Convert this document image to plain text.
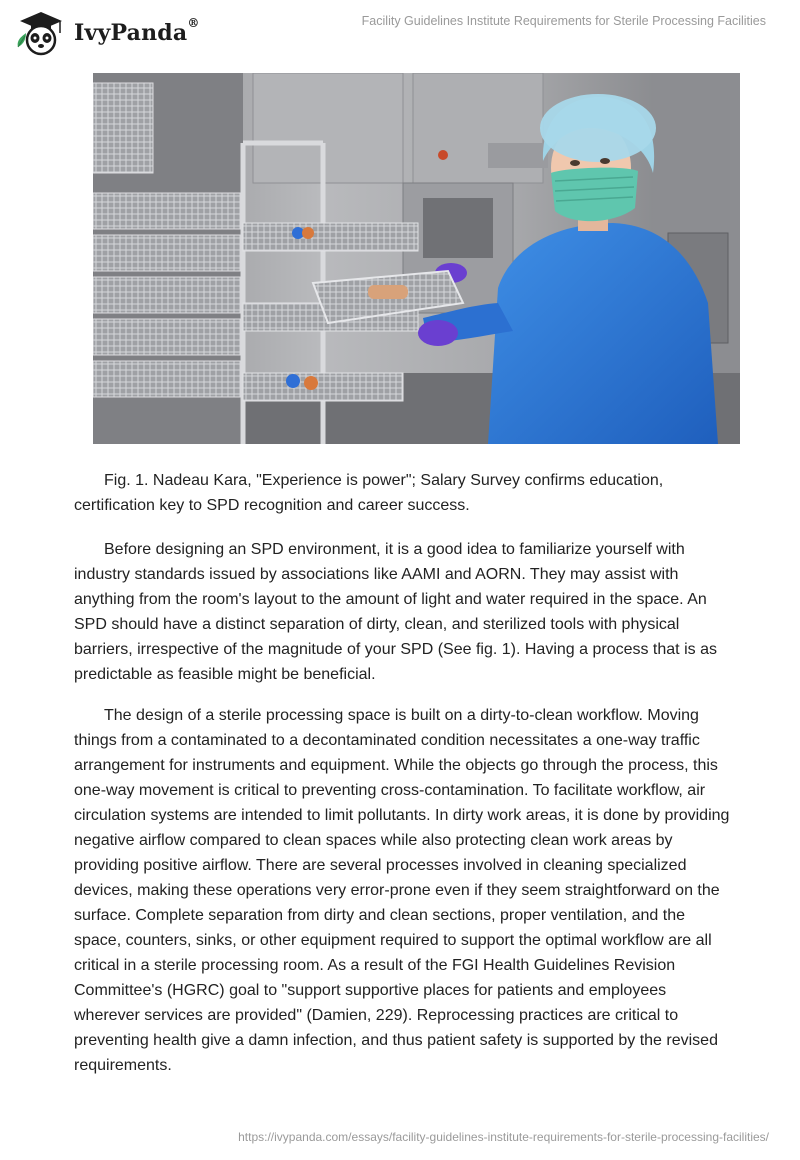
IvyPanda®	Facility Guidelines Institute Requirements for Sterile Processing Facilities

Fig. 1. Nadeau Kara, "Experience is power"; Salary Survey confirms education, certification key to SPD recognition and career success.

Before designing an SPD environment, it is a good idea to familiarize yourself with industry standards issued by associations like AAMI and AORN. They may assist with anything from the room's layout to the amount of light and water required in the space. An SPD should have a distinct separation of dirty, clean, and sterilized tools with physical barriers, irrespective of the magnitude of your SPD (See fig. 1). Having a process that is as predictable as feasible might be beneficial.

The design of a sterile processing space is built on a dirty-to-clean workflow. Moving things from a contaminated to a decontaminated condition necessitates a one-way traffic arrangement for instruments and equipment. While the objects go through the process, this one-way movement is critical to preventing cross-contamination. To facilitate workflow, air circulation systems are intended to limit pollutants. In dirty work areas, it is done by providing negative airflow compared to clean spaces while also protecting clean work areas by providing positive airflow. There are several processes involved in cleaning specialized devices, making these operations very error-prone even if they seem straightforward on the surface. Complete separation from dirty and clean sections, proper ventilation, and the space, counters, sinks, or other equipment required to support the optimal workflow are all critical in a sterile processing room. As a result of the FGI Health Guidelines Revision Committee's (HGRC) goal to "support supportive places for patients and employees wherever services are provided" (Damien, 229). Reprocessing practices are critical to preventing health give a damn infection, and thus patient safety is supported by the revised requirements.

https://ivypanda.com/essays/facility-guidelines-institute-requirements-for-sterile-processing-facilities/
